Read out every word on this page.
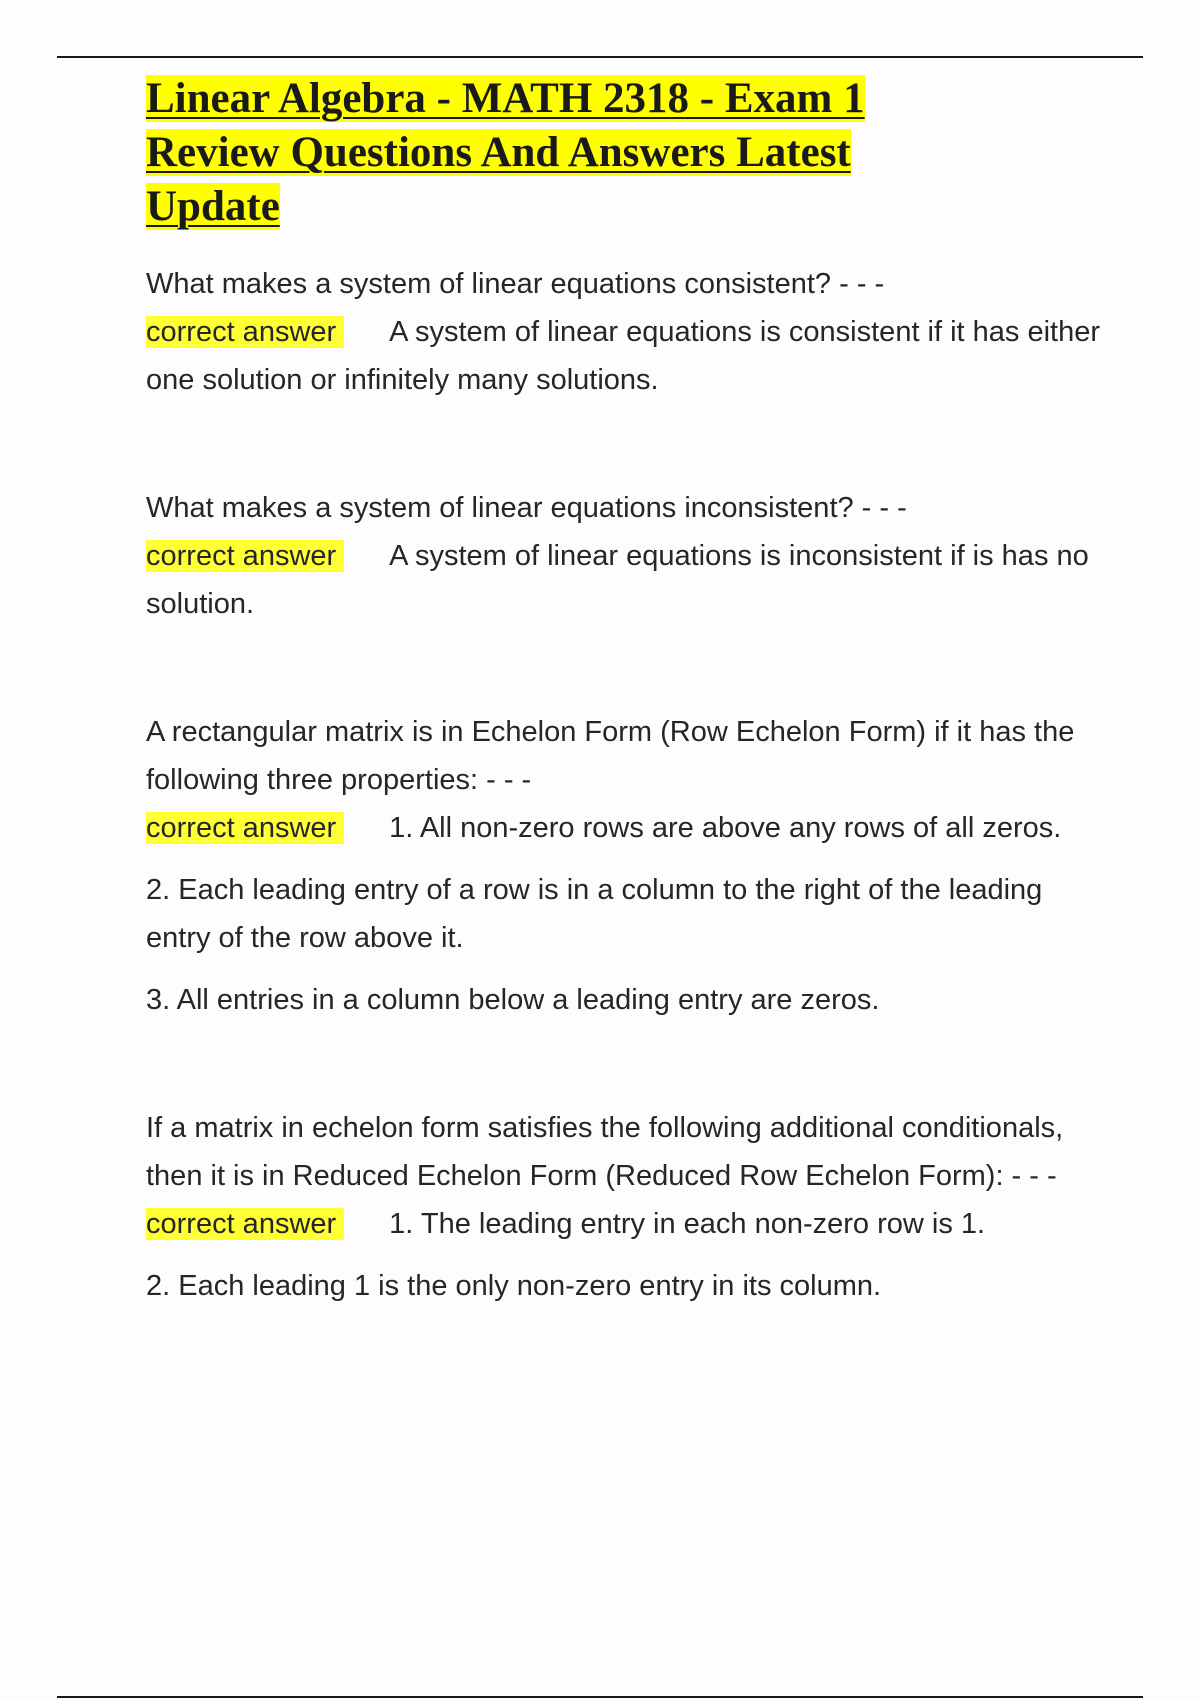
Linear Algebra - MATH 2318 - Exam 1 Review Questions And Answers Latest Update

What makes a system of linear equations consistent? - - -

correct answer A system of linear equations is consistent if it has either one solution or infinitely many solutions.

What makes a system of linear equations inconsistent? - - -

correct answer A system of linear equations is inconsistent if is has no solution.

A rectangular matrix is in Echelon Form (Row Echelon Form) if it has the following three properties: - - -

correct answer 1. All non-zero rows are above any rows of all zeros.

2. Each leading entry of a row is in a column to the right of the leading entry of the row above it.

3. All entries in a column below a leading entry are zeros.

If a matrix in echelon form satisfies the following additional conditionals, then it is in Reduced Echelon Form (Reduced Row Echelon Form): - - -

correct answer 1. The leading entry in each non-zero row is 1.

2. Each leading 1 is the only non-zero entry in its column.
